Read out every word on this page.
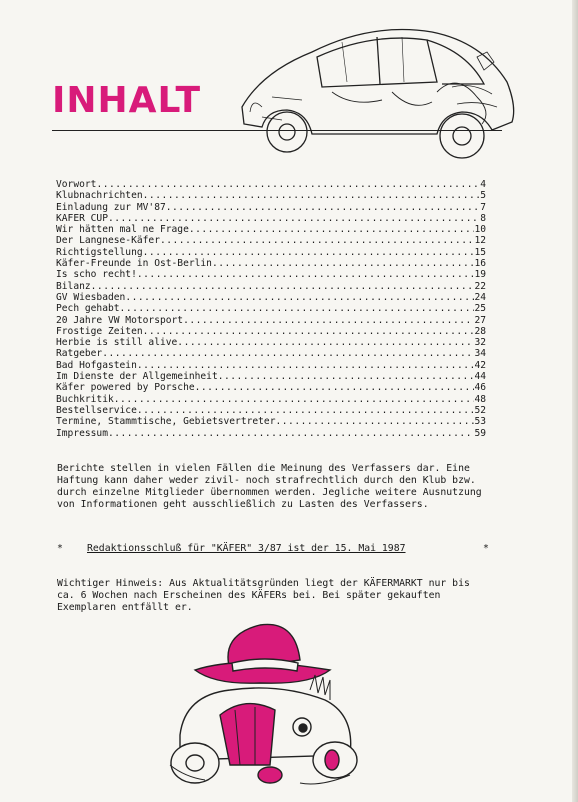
INHALT
Vorwort .....	4
Klubnachrichten .....	5
Einladung zur MV'87 .....	7
KÄFER CUP .....	8
Wir hätten mal ne Frage .....	10
Der Langnese-Käfer .....	12
Richtigstellung .....	15
Käfer-Freunde in Ost-Berlin .....	16
Is scho recht! .....	19
Bilanz .....	22
GV Wiesbaden .....	24
Pech gehabt .....	25
20 Jahre VW Motorsport .....	27
Frostige Zeiten .....	28
Herbie is still alive .....	32
Ratgeber .....	34
Bad Hofgastein .....	42
Im Dienste der Allgemeinheit .....	44
Käfer powered by Porsche .....	46
Buchkritik .....	48
Bestellservice .....	52
Termine, Stammtische, Gebietsvertreter .....	53
Impressum .....	59
Berichte stellen in vielen Fällen die Meinung des Verfassers dar. Eine Haftung kann daher weder zivil- noch strafrechtlich durch den Klub bzw. durch einzelne Mitglieder übernommen werden. Jegliche weitere Ausnutzung von Informationen geht ausschließlich zu Lasten des Verfassers.
* Redaktionsschluß für "KÄFER" 3/87 ist der 15. Mai 1987	*
Wichtiger Hinweis: Aus Aktualitätsgründen liegt der KÄFERMARKT nur bis ca. 6 Wochen nach Erscheinen des KÄFERs bei. Bei später gekauften Exemplaren entfällt er.
